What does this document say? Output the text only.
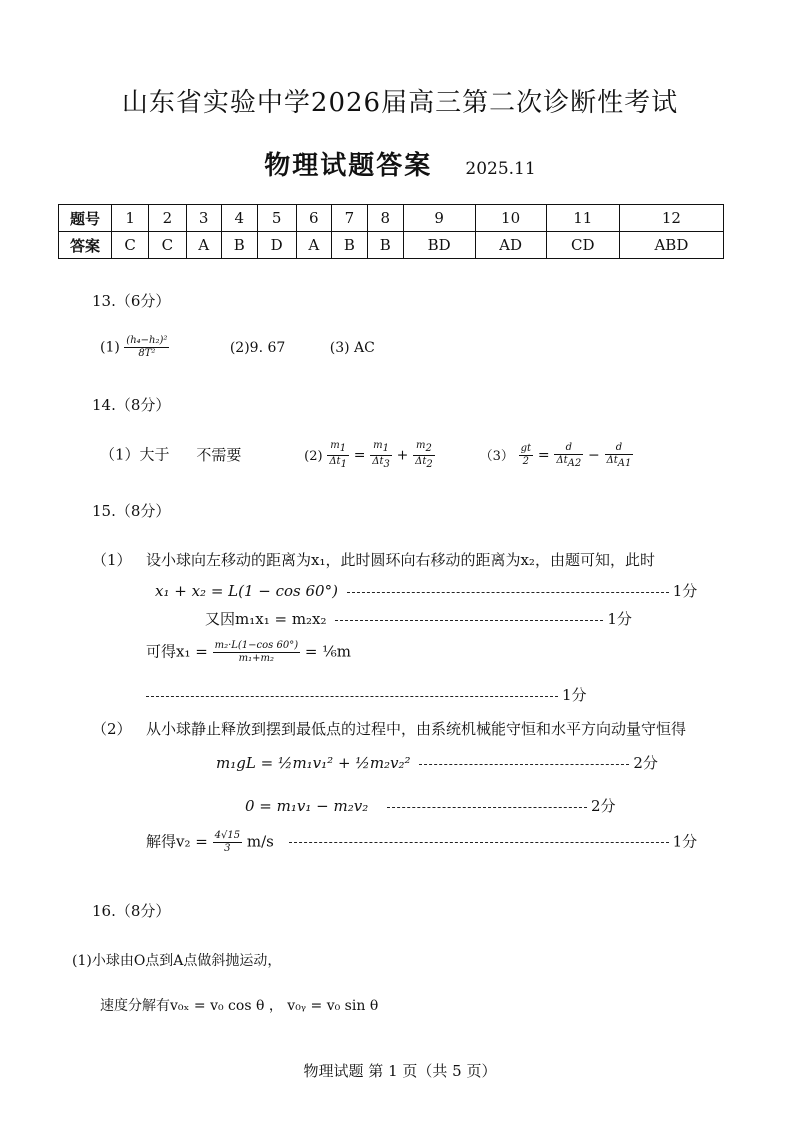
山东省实验中学2026届高三第二次诊断性考试
物理试题答案 2025.11
题号	1	2	3	4	5	6	7	8	9	10	11	12
答案	C	C	A	B	D	A	B	B	BD	AD	CD	ABD
13.（6分）
$(1) \frac{\text{(h₄−h₂)²}}{\text{8T²}}$	(2)9. 67	(3) AC
14.（8分）
（1）大于 不需要	$(2) \frac{m_1}{\Delta t_1} = \frac{m_1}{\Delta t_3} + \frac{m_2}{\Delta t_2}$	$(3) \frac{gt}{2} = \frac{d}{\Delta t_{A2}} - \frac{d}{\Delta t_{A1}}$
15.（8分）
（1） 设小球向左移动的距离为x₁，此时圆环向右移动的距离为x₂，由题可知，此时
x₁ + x₂ = L(1 − cos 60°)	1分
又因m₁x₁ = m₂x₂	1分
可得$x_1 = \frac{\text{m₂·L(1−cos 60°)}}{\text{m₁+m₂}}$ = ⅙m
1分
（2） 从小球静止释放到摆到最低点的过程中，由系统机械能守恒和水平方向动量守恒得
m₁gL = ½m₁v₁² + ½m₂v₂²	2分
0 = m₁v₁ − m₂v₂	2分
解得$v_2 = \frac{4√15}{3} m/s$	1分
16.（8分）
(1)小球由O点到A点做斜抛运动，
速度分解有v₀ₓ = v₀ cos θ ， v₀ᵧ = v₀ sin θ
物理试题 第 1 页（共 5 页）
